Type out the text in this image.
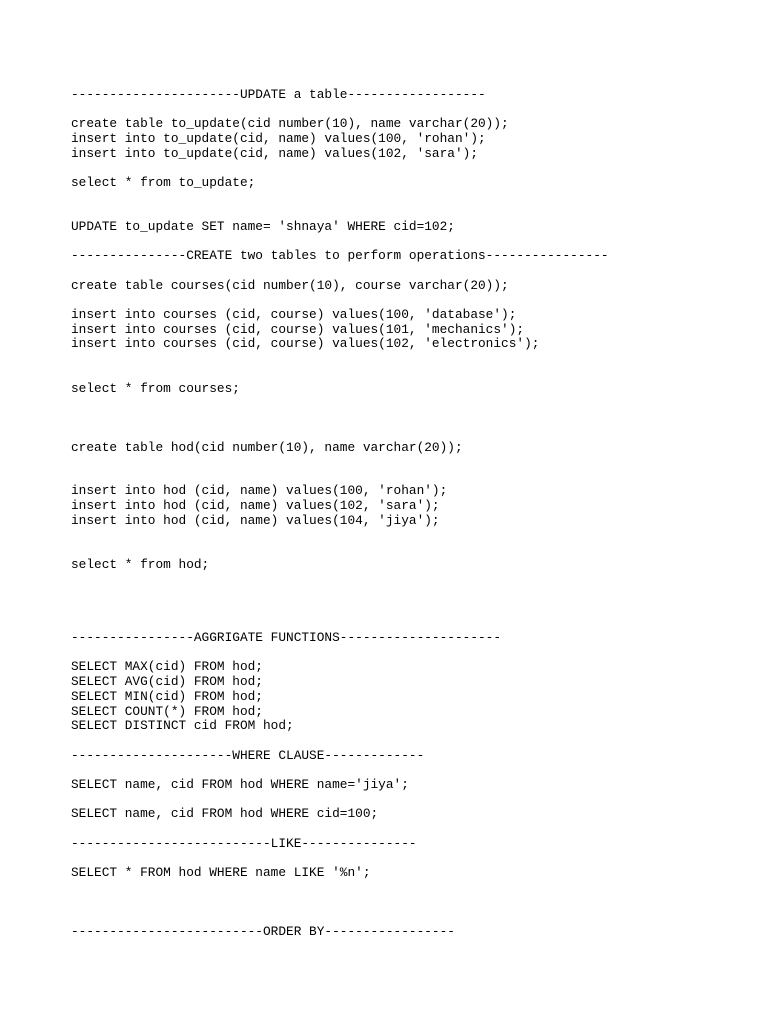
----------------------UPDATE a table------------------

create table to_update(cid number(10), name varchar(20));

insert into to_update(cid, name) values(100, 'rohan');

insert into to_update(cid, name) values(102, 'sara');

select * from to_update;

UPDATE to_update SET name= 'shnaya' WHERE cid=102;

---------------CREATE two tables to perform operations----------------

create table courses(cid number(10), course varchar(20));

insert into courses (cid, course) values(100, 'database');

insert into courses (cid, course) values(101, 'mechanics');

insert into courses (cid, course) values(102, 'electronics');

select * from courses;

create table hod(cid number(10), name varchar(20));

insert into hod (cid, name) values(100, 'rohan');

insert into hod (cid, name) values(102, 'sara');

insert into hod (cid, name) values(104, 'jiya');

select * from hod;

----------------AGGRIGATE FUNCTIONS---------------------

SELECT MAX(cid) FROM hod;

SELECT AVG(cid) FROM hod;

SELECT MIN(cid) FROM hod;

SELECT COUNT(*) FROM hod;

SELECT DISTINCT cid FROM hod;

---------------------WHERE CLAUSE-------------

SELECT name, cid FROM hod WHERE name='jiya';

SELECT name, cid FROM hod WHERE cid=100;

--------------------------LIKE---------------

SELECT * FROM hod WHERE name LIKE '%n';

-------------------------ORDER BY-----------------
